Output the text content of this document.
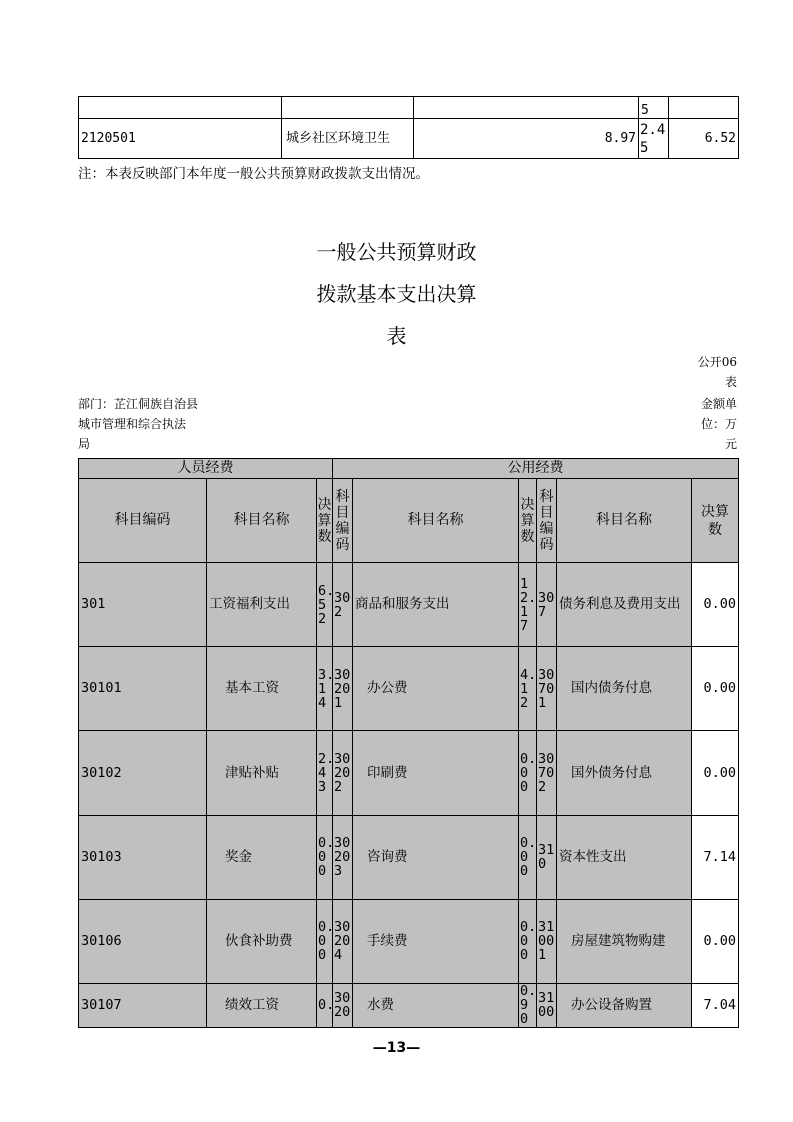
			5	
2120501	城乡社区环境卫生	8.97	2.45	6.52
注：本表反映部门本年度一般公共预算财政拨款支出情况。
一般公共预算财政
拨款基本支出决算
表
公开06
表
部门：芷江侗族自治县
城市管理和综合执法
局
金额单
位：万
元
人员经费			公用经费					
科目编码	科目名称	决算数	科目编码	科目名称	决算数	科目编码	科目名称	决算数
301	工资福利支出	6.52	302	商品和服务支出	12.17	307	债务利息及费用支出	0.00
30101	基本工资	3.14	30201	办公费	4.12	30701	国内债务付息	0.00
30102	津贴补贴	2.43	30202	印刷费	0.00	30702	国外债务付息	0.00
30103	奖金	0.00	30203	咨询费	0.00	310	资本性支出	7.14
30106	伙食补助费	0.00	30204	手续费	0.00	31001	房屋建筑物购建	0.00
30107	绩效工资	0.	3020	水费	0.90	3100	办公设备购置	7.04
—13—
